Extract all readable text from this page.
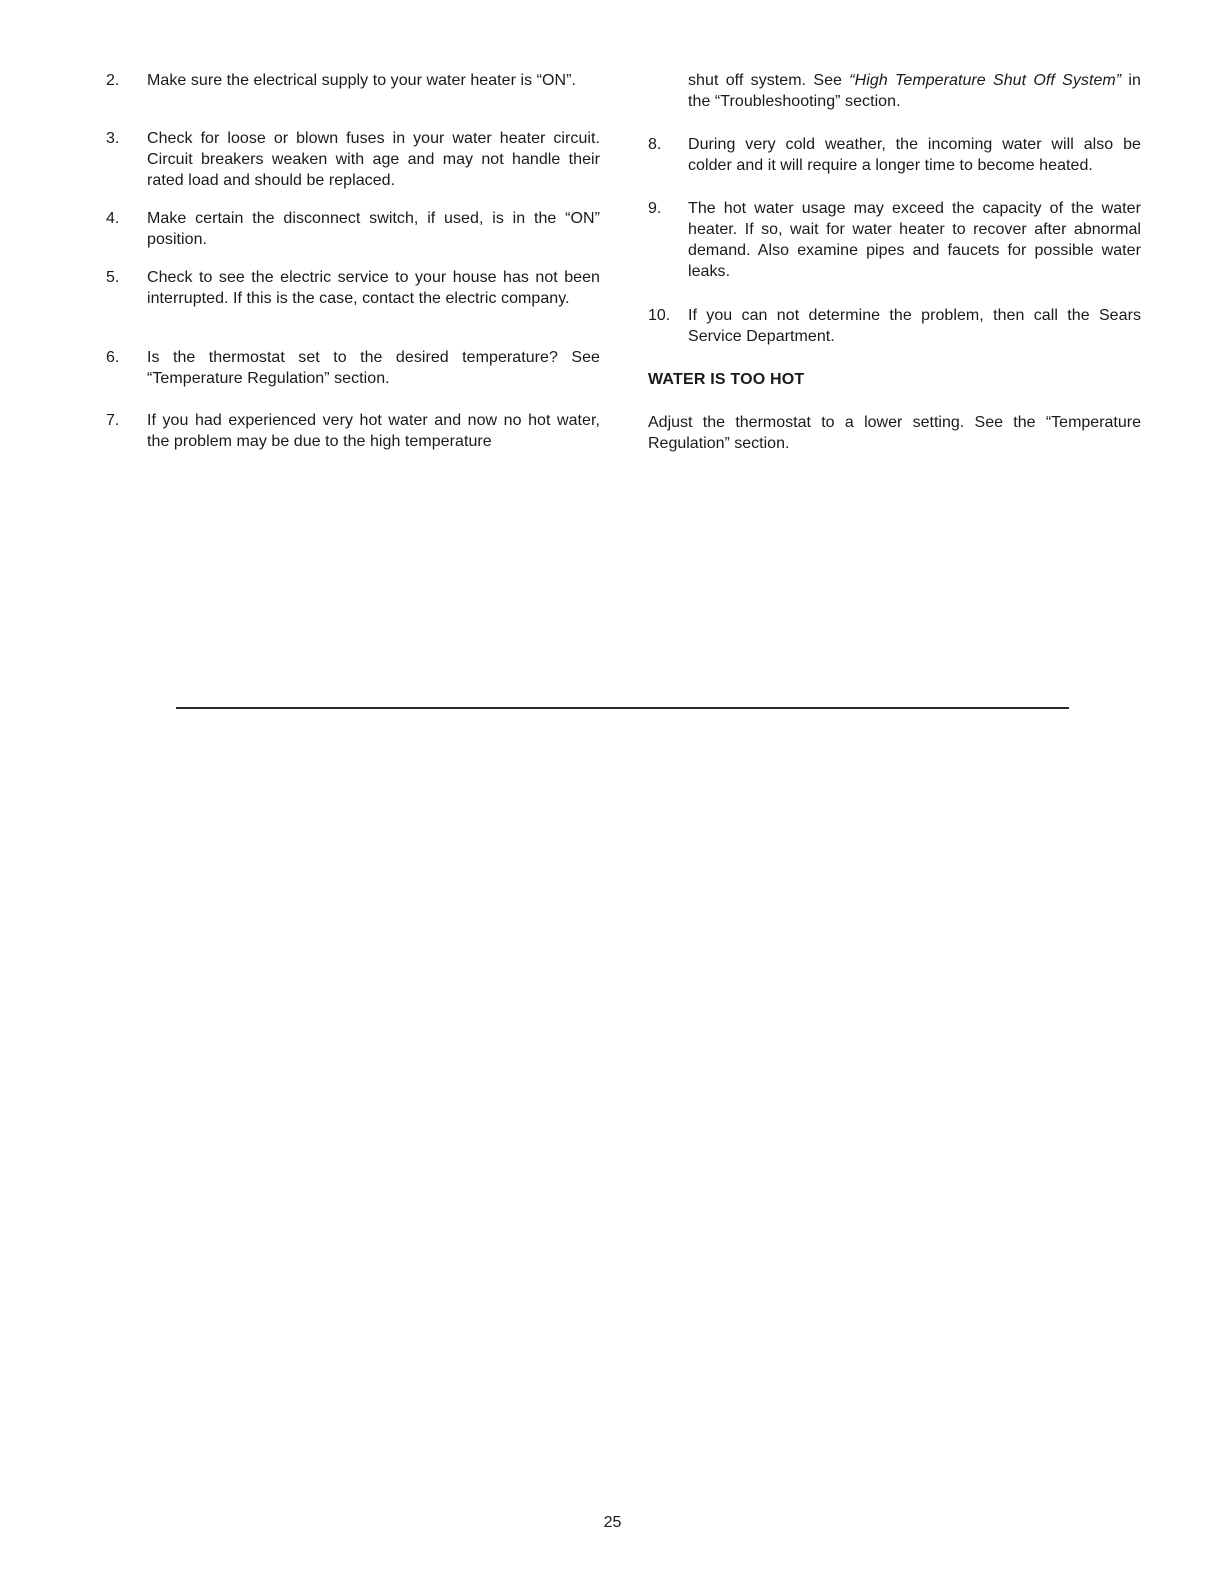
2. Make sure the electrical supply to your water heater is “ON”.
3. Check for loose or blown fuses in your water heater circuit. Circuit breakers weaken with age and may not handle their rated load and should be replaced.
4. Make certain the disconnect switch, if used, is in the “ON” position.
5. Check to see the electric service to your house has not been interrupted. If this is the case, contact the electric company.
6. Is the thermostat set to the desired temperature? See “Temperature Regulation” section.
7. If you had experienced very hot water and now no hot water, the problem may be due to the high temperature
shut off system. See “High Temperature Shut Off System” in the “Troubleshooting” section.
8. During very cold weather, the incoming water will also be colder and it will require a longer time to become heated.
9. The hot water usage may exceed the capacity of the water heater. If so, wait for water heater to recover after abnormal demand. Also examine pipes and faucets for possible water leaks.
10. If you can not determine the problem, then call the Sears Service Department.
WATER IS TOO HOT
Adjust the thermostat to a lower setting. See the “Temperature Regulation” section.
25
